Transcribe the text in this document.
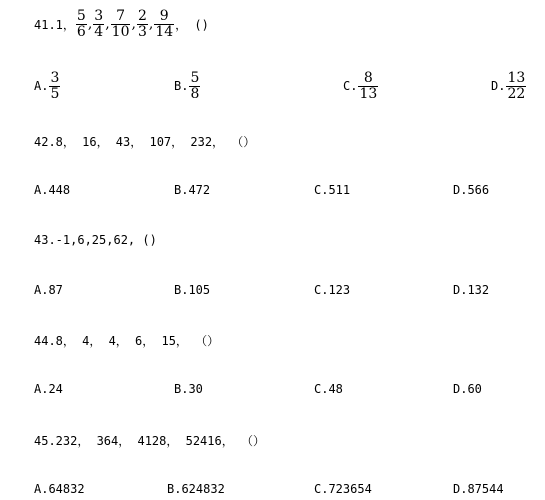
41.1， $\frac{5}{6}$ , $\frac{3}{4}$ , $\frac{7}{10}$ , $\frac{2}{3}$ , $\frac{9}{14}$ ， ()
A. $\frac{3}{5}$	B. $\frac{5}{8}$	C. $\frac{8}{13}$	D. $\frac{13}{22}$
42.8， 16， 43， 107， 232， （）
A.448	B.472	C.511	D.566
43.-1,6,25,62, ()
A.87	B.105	C.123	D.132
44.8， 4， 4， 6， 15， （）
A.24	B.30	C.48	D.60
45.232， 364， 4128， 52416， （）
A.64832	B.624832	C.723654	D.87544
